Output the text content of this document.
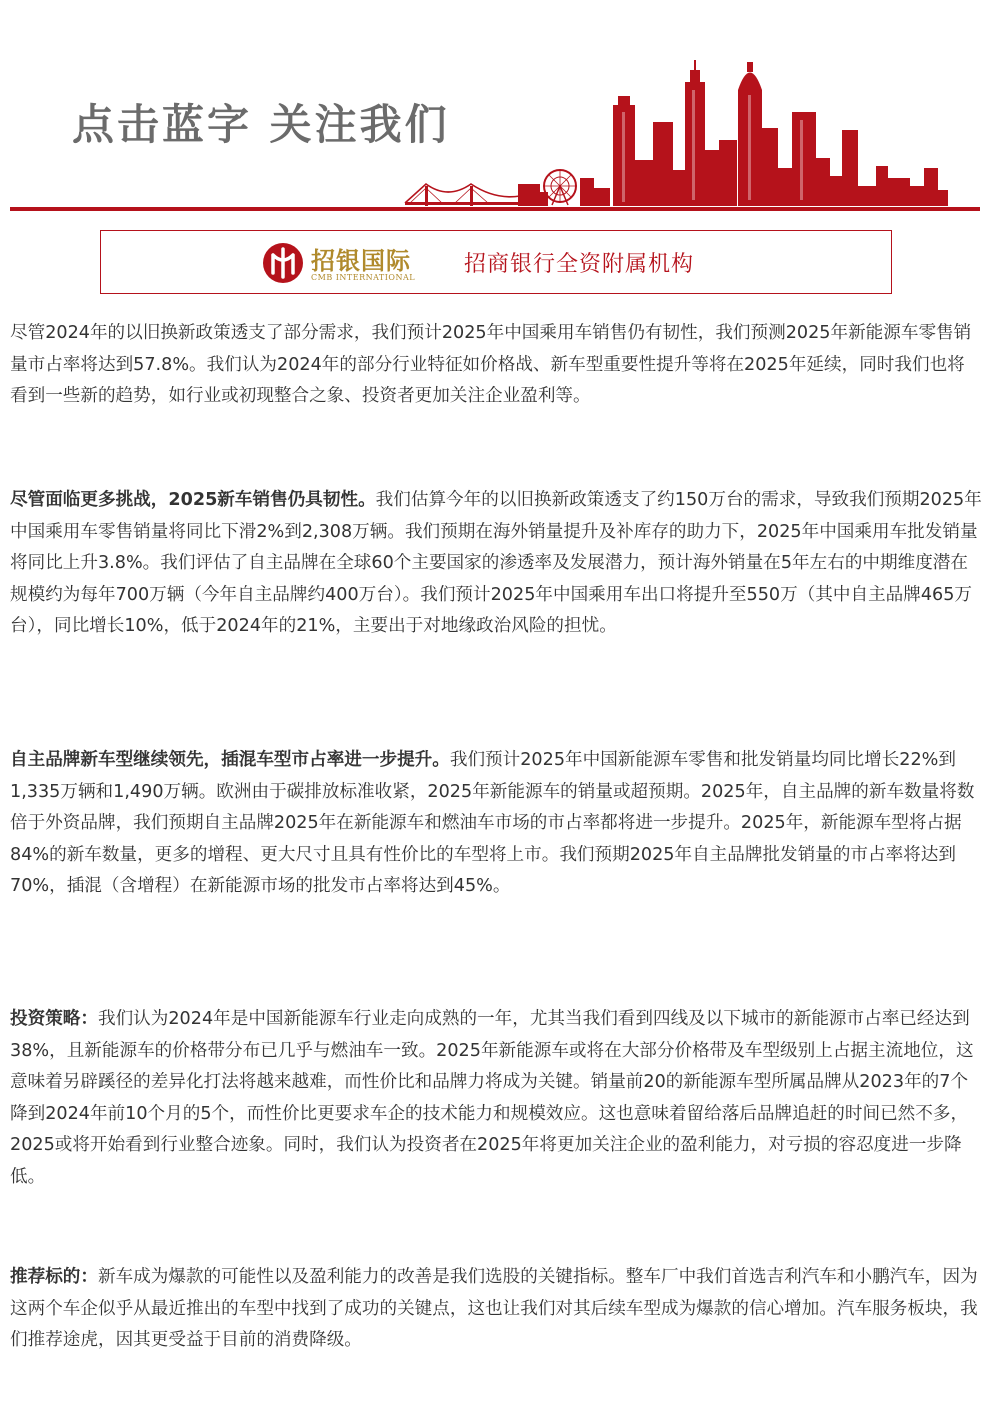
点击蓝字 关注我们
招银国际
CMB INTERNATIONAL
招商银行全资附属机构

尽管2024年的以旧换新政策透支了部分需求，我们预计2025年中国乘用车销售仍有韧性，我们预测2025年新能源车零售销量市占率将达到57.8%。我们认为2024年的部分行业特征如价格战、新车型重要性提升等将在2025年延续，同时我们也将看到一些新的趋势，如行业或初现整合之象、投资者更加关注企业盈利等。

尽管面临更多挑战，2025新车销售仍具韧性。我们估算今年的以旧换新政策透支了约150万台的需求，导致我们预期2025年中国乘用车零售销量将同比下滑2%到2,308万辆。我们预期在海外销量提升及补库存的助力下，2025年中国乘用车批发销量将同比上升3.8%。我们评估了自主品牌在全球60个主要国家的渗透率及发展潜力，预计海外销量在5年左右的中期维度潜在规模约为每年700万辆（今年自主品牌约400万台）。我们预计2025年中国乘用车出口将提升至550万（其中自主品牌465万台），同比增长10%，低于2024年的21%，主要出于对地缘政治风险的担忧。

自主品牌新车型继续领先，插混车型市占率进一步提升。我们预计2025年中国新能源车零售和批发销量均同比增长22%到1,335万辆和1,490万辆。欧洲由于碳排放标准收紧，2025年新能源车的销量或超预期。2025年，自主品牌的新车数量将数倍于外资品牌，我们预期自主品牌2025年在新能源车和燃油车市场的市占率都将进一步提升。2025年，新能源车型将占据84%的新车数量，更多的增程、更大尺寸且具有性价比的车型将上市。我们预期2025年自主品牌批发销量的市占率将达到70%，插混（含增程）在新能源市场的批发市占率将达到45%。

投资策略：我们认为2024年是中国新能源车行业走向成熟的一年，尤其当我们看到四线及以下城市的新能源市占率已经达到38%，且新能源车的价格带分布已几乎与燃油车一致。2025年新能源车或将在大部分价格带及车型级别上占据主流地位，这意味着另辟蹊径的差异化打法将越来越难，而性价比和品牌力将成为关键。销量前20的新能源车型所属品牌从2023年的7个降到2024年前10个月的5个，而性价比更要求车企的技术能力和规模效应。这也意味着留给落后品牌追赶的时间已然不多，2025或将开始看到行业整合迹象。同时，我们认为投资者在2025年将更加关注企业的盈利能力，对亏损的容忍度进一步降低。

推荐标的：新车成为爆款的可能性以及盈利能力的改善是我们选股的关键指标。整车厂中我们首选吉利汽车和小鹏汽车，因为这两个车企似乎从最近推出的车型中找到了成功的关键点，这也让我们对其后续车型成为爆款的信心增加。汽车服务板块，我们推荐途虎，因其更受益于目前的消费降级。
